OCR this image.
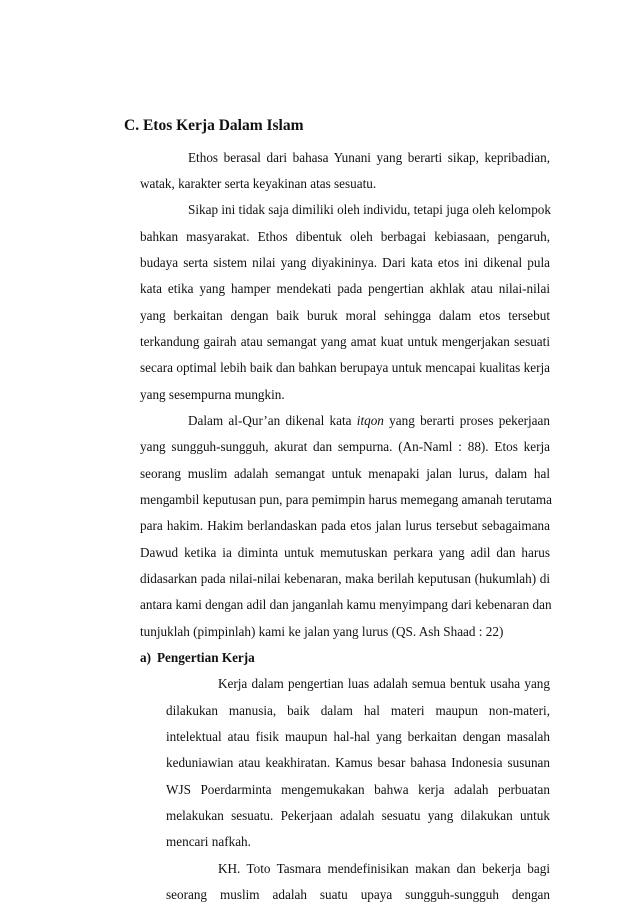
C. Etos Kerja Dalam Islam
Ethos berasal dari bahasa Yunani yang berarti sikap, kepribadian,
watak, karakter serta keyakinan atas sesuatu.
Sikap ini tidak saja dimiliki oleh individu, tetapi juga oleh kelompok
bahkan masyarakat. Ethos dibentuk oleh berbagai kebiasaan, pengaruh,
budaya serta sistem nilai yang diyakininya. Dari kata etos ini dikenal pula
kata etika yang hamper mendekati pada pengertian akhlak atau nilai-nilai
yang berkaitan dengan baik buruk moral sehingga dalam etos tersebut
terkandung gairah atau semangat yang amat kuat untuk mengerjakan sesuati
secara optimal lebih baik dan bahkan berupaya untuk mencapai kualitas kerja
yang sesempurna mungkin.
Dalam al-Qur’an dikenal kata itqon yang berarti proses pekerjaan
yang sungguh-sungguh, akurat dan sempurna. (An-Naml : 88). Etos kerja
seorang muslim adalah semangat untuk menapaki jalan lurus, dalam hal
mengambil keputusan pun, para pemimpin harus memegang amanah terutama
para hakim. Hakim berlandaskan pada etos jalan lurus tersebut sebagaimana
Dawud ketika ia diminta untuk memutuskan perkara yang adil dan harus
didasarkan pada nilai-nilai kebenaran, maka berilah keputusan (hukumlah) di
antara kami dengan adil dan janganlah kamu menyimpang dari kebenaran dan
tunjuklah (pimpinlah) kami ke jalan yang lurus (QS. Ash Shaad : 22)
a) Pengertian Kerja
Kerja dalam pengertian luas adalah semua bentuk usaha yang
dilakukan manusia, baik dalam hal materi maupun non-materi,
intelektual atau fisik maupun hal-hal yang berkaitan dengan masalah
keduniawian atau keakhiratan. Kamus besar bahasa Indonesia susunan
WJS Poerdarminta mengemukakan bahwa kerja adalah perbuatan
melakukan sesuatu. Pekerjaan adalah sesuatu yang dilakukan untuk
mencari nafkah.
KH. Toto Tasmara mendefinisikan makan dan bekerja bagi
seorang muslim adalah suatu upaya sungguh-sungguh dengan
